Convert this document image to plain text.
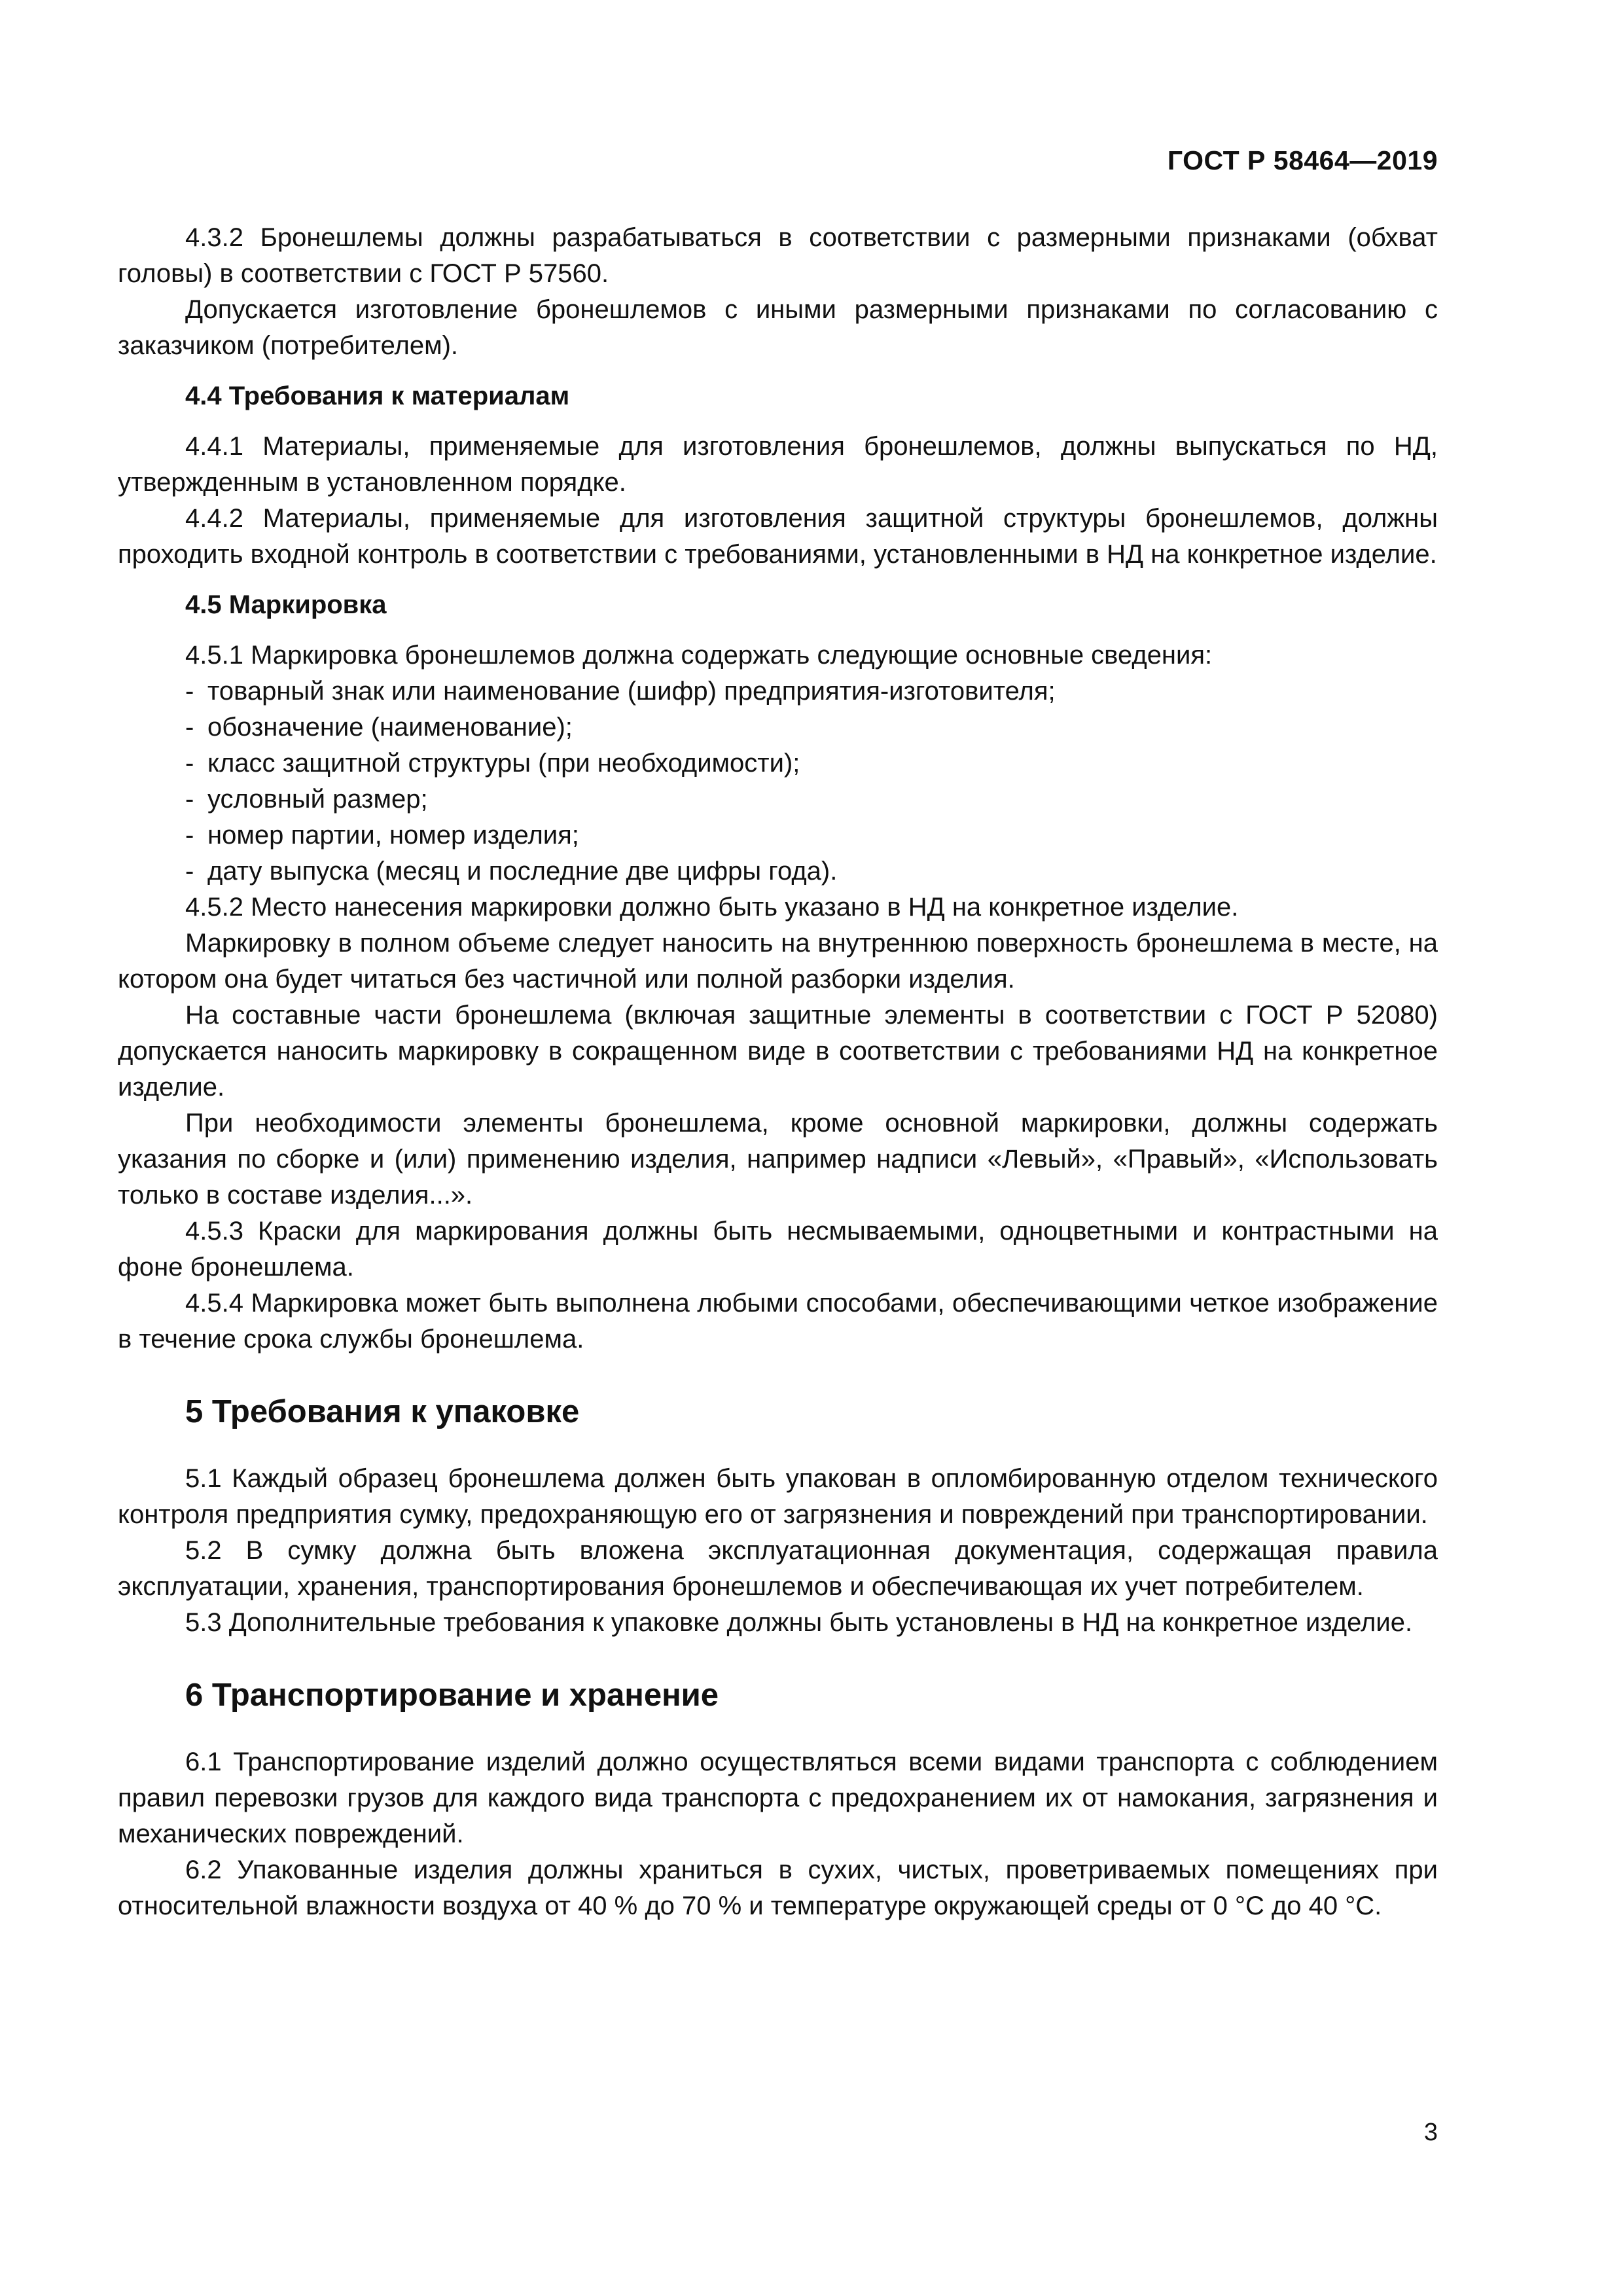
ГОСТ Р 58464—2019
4.3.2 Бронешлемы должны разрабатываться в соответствии с размерными признаками (обхват головы) в соответствии с ГОСТ Р 57560.
Допускается изготовление бронешлемов с иными размерными признаками по согласованию с заказчиком (потребителем).
4.4 Требования к материалам
4.4.1 Материалы, применяемые для изготовления бронешлемов, должны выпускаться по НД, утвержденным в установленном порядке.
4.4.2 Материалы, применяемые для изготовления защитной структуры бронешлемов, должны проходить входной контроль в соответствии с требованиями, установленными в НД на конкретное изделие.
4.5 Маркировка
4.5.1 Маркировка бронешлемов должна содержать следующие основные сведения:
- товарный знак или наименование (шифр) предприятия-изготовителя;
- обозначение (наименование);
- класс защитной структуры (при необходимости);
- условный размер;
- номер партии, номер изделия;
- дату выпуска (месяц и последние две цифры года).
4.5.2 Место нанесения маркировки должно быть указано в НД на конкретное изделие.
Маркировку в полном объеме следует наносить на внутреннюю поверхность бронешлема в месте, на котором она будет читаться без частичной или полной разборки изделия.
На составные части бронешлема (включая защитные элементы в соответствии с ГОСТ Р 52080) допускается наносить маркировку в сокращенном виде в соответствии с требованиями НД на конкретное изделие.
При необходимости элементы бронешлема, кроме основной маркировки, должны содержать указания по сборке и (или) применению изделия, например надписи «Левый», «Правый», «Использовать только в составе изделия...».
4.5.3 Краски для маркирования должны быть несмываемыми, одноцветными и контрастными на фоне бронешлема.
4.5.4 Маркировка может быть выполнена любыми способами, обеспечивающими четкое изображение в течение срока службы бронешлема.
5 Требования к упаковке
5.1 Каждый образец бронешлема должен быть упакован в опломбированную отделом технического контроля предприятия сумку, предохраняющую его от загрязнения и повреждений при транспортировании.
5.2 В сумку должна быть вложена эксплуатационная документация, содержащая правила эксплуатации, хранения, транспортирования бронешлемов и обеспечивающая их учет потребителем.
5.3 Дополнительные требования к упаковке должны быть установлены в НД на конкретное изделие.
6 Транспортирование и хранение
6.1 Транспортирование изделий должно осуществляться всеми видами транспорта с соблюдением правил перевозки грузов для каждого вида транспорта с предохранением их от намокания, загрязнения и механических повреждений.
6.2 Упакованные изделия должны храниться в сухих, чистых, проветриваемых помещениях при относительной влажности воздуха от 40 % до 70 % и температуре окружающей среды от 0 °C до 40 °C.
3
